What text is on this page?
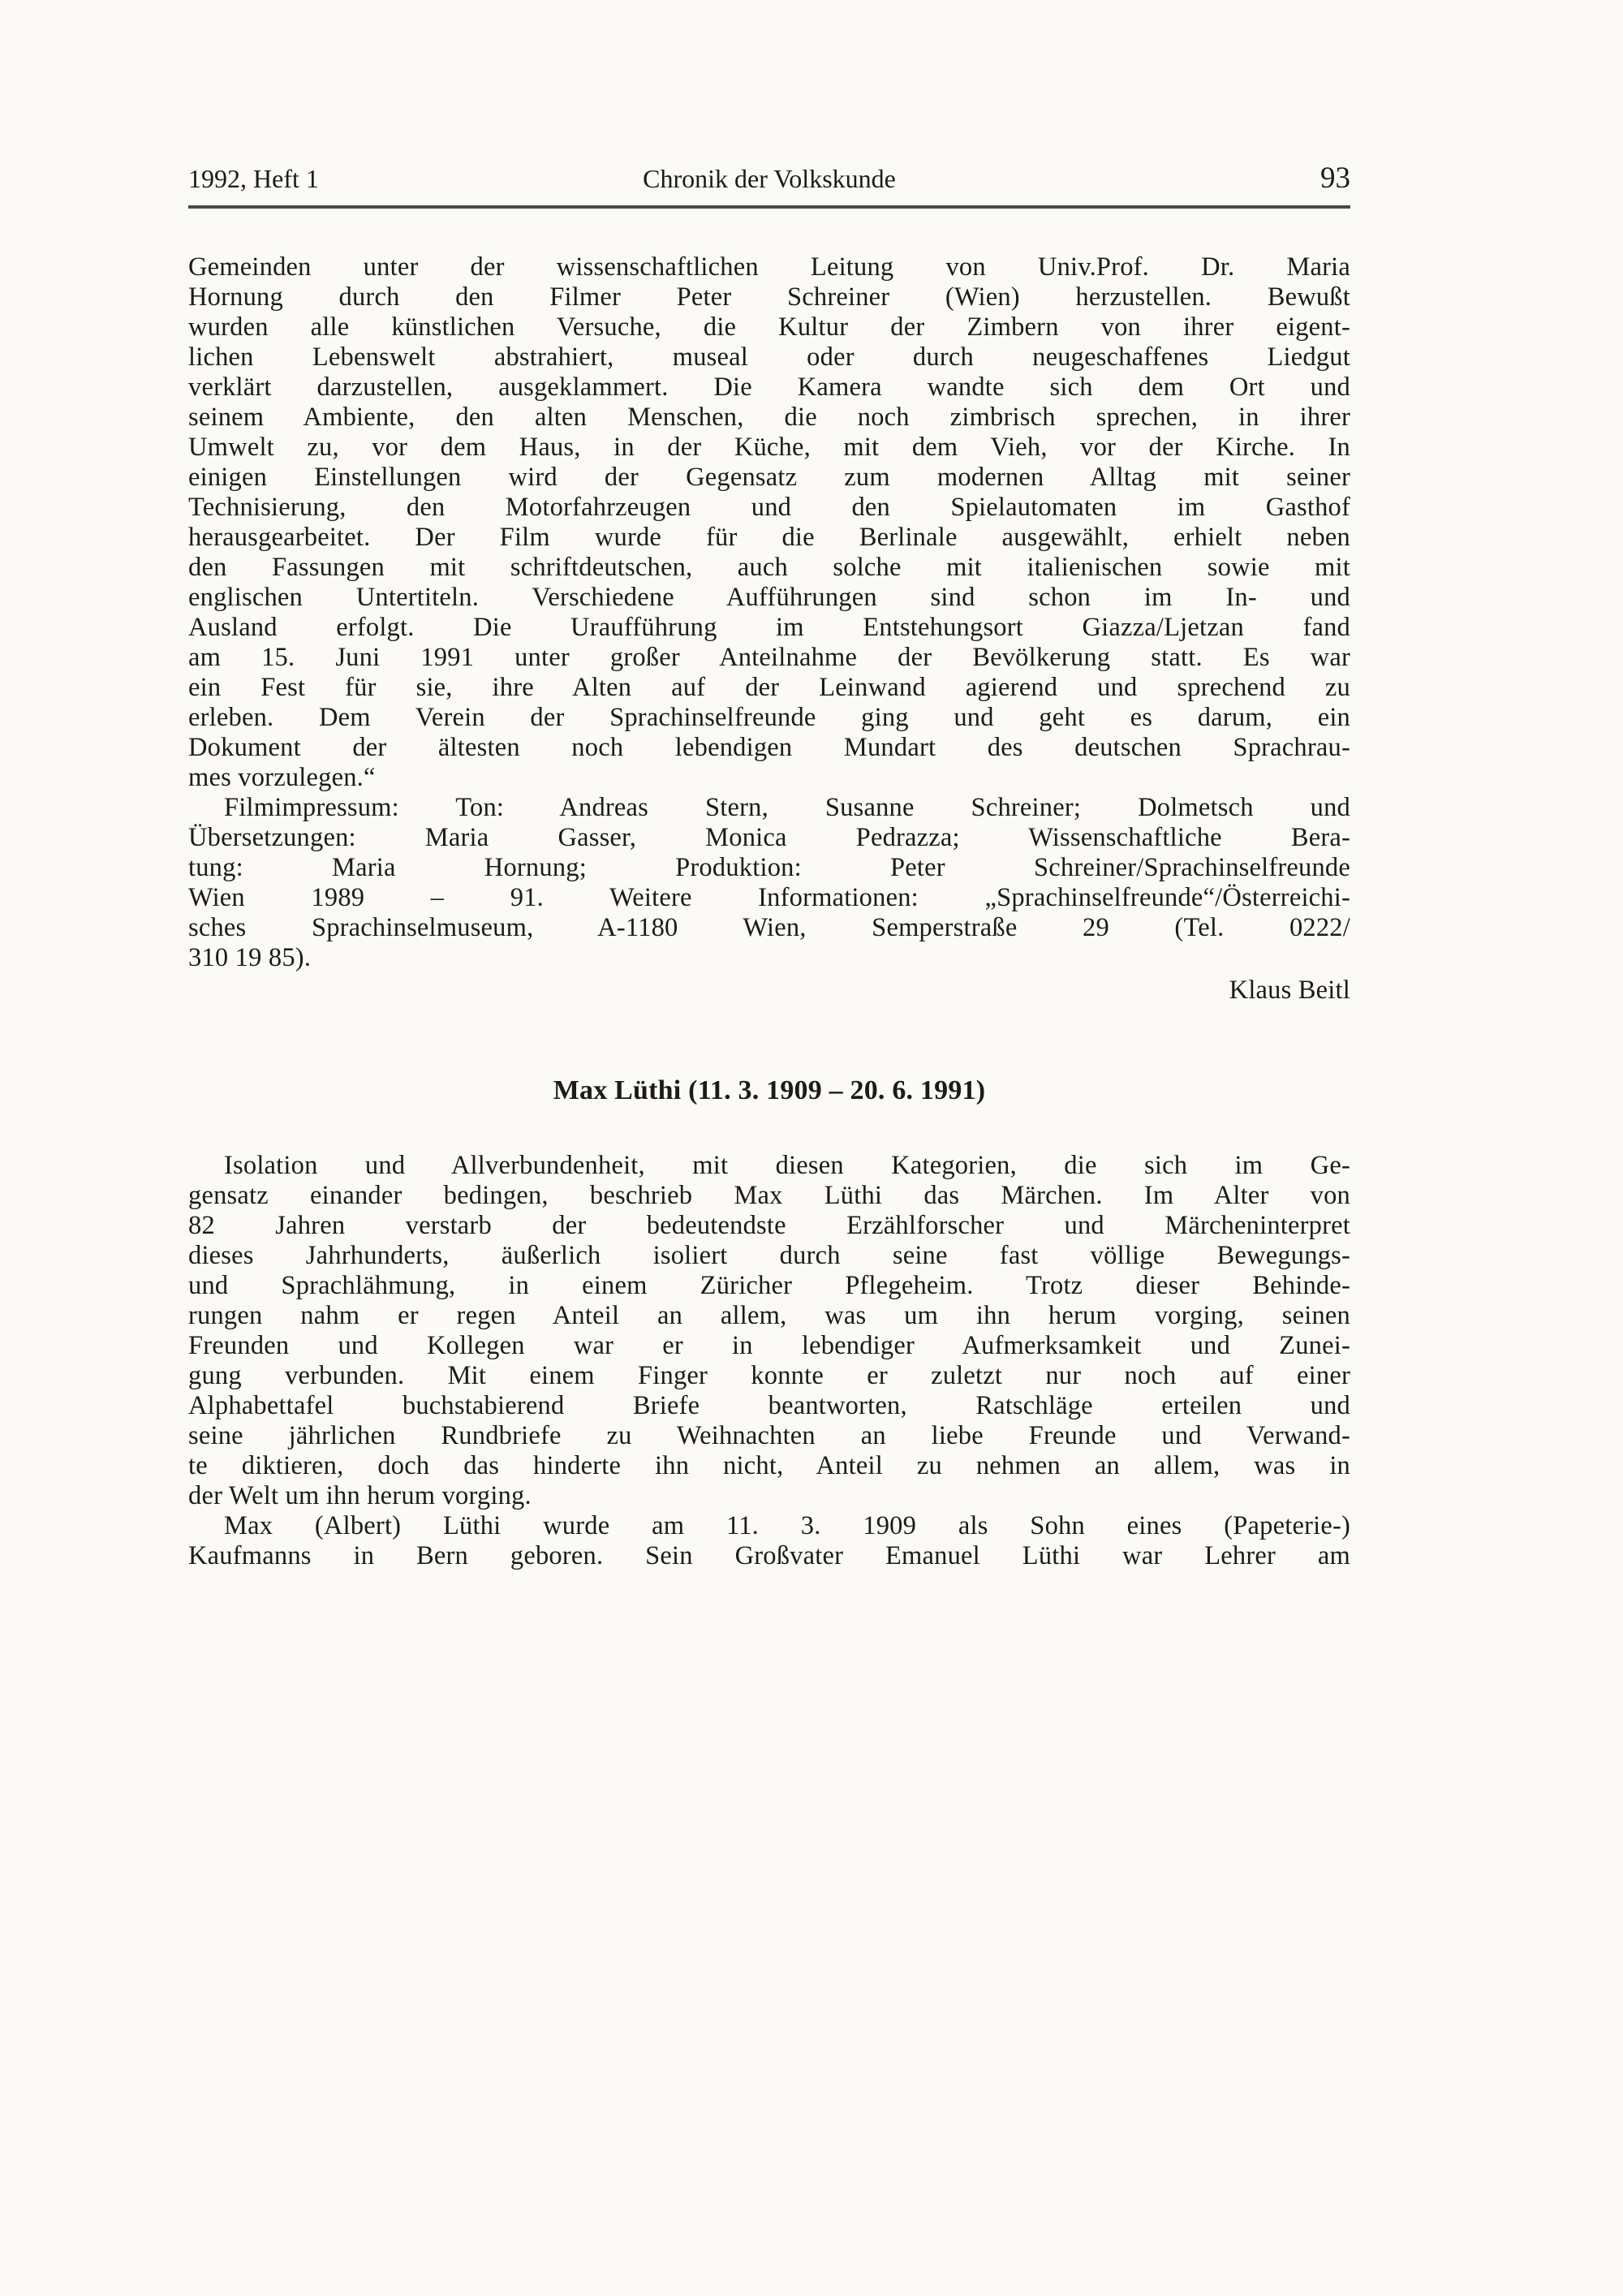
1992, Heft 1	Chronik der Volkskunde	93
Gemeinden unter der wissenschaftlichen Leitung von Univ.Prof. Dr. Maria
Hornung durch den Filmer Peter Schreiner (Wien) herzustellen. Bewußt
wurden alle künstlichen Versuche, die Kultur der Zimbern von ihrer eigent-
lichen Lebenswelt abstrahiert, museal oder durch neugeschaffenes Liedgut
verklärt darzustellen, ausgeklammert. Die Kamera wandte sich dem Ort und
seinem Ambiente, den alten Menschen, die noch zimbrisch sprechen, in ihrer
Umwelt zu, vor dem Haus, in der Küche, mit dem Vieh, vor der Kirche. In
einigen Einstellungen wird der Gegensatz zum modernen Alltag mit seiner
Technisierung, den Motorfahrzeugen und den Spielautomaten im Gasthof
herausgearbeitet. Der Film wurde für die Berlinale ausgewählt, erhielt neben
den Fassungen mit schriftdeutschen, auch solche mit italienischen sowie mit
englischen Untertiteln. Verschiedene Aufführungen sind schon im In- und
Ausland erfolgt. Die Uraufführung im Entstehungsort Giazza/Ljetzan fand
am 15. Juni 1991 unter großer Anteilnahme der Bevölkerung statt. Es war
ein Fest für sie, ihre Alten auf der Leinwand agierend und sprechend zu
erleben. Dem Verein der Sprachinselfreunde ging und geht es darum, ein
Dokument der ältesten noch lebendigen Mundart des deutschen Sprachrau-
mes vorzulegen.“
Filmimpressum: Ton: Andreas Stern, Susanne Schreiner; Dolmetsch und
Übersetzungen: Maria Gasser, Monica Pedrazza; Wissenschaftliche Bera-
tung: Maria Hornung; Produktion: Peter Schreiner/Sprachinselfreunde
Wien 1989 – 91. Weitere Informationen: „Sprachinselfreunde“/Österreichi-
sches Sprachinselmuseum, A-1180 Wien, Semperstraße 29 (Tel. 0222/
310 19 85).
Klaus Beitl
Max Lüthi (11. 3. 1909 – 20. 6. 1991)
Isolation und Allverbundenheit, mit diesen Kategorien, die sich im Ge-
gensatz einander bedingen, beschrieb Max Lüthi das Märchen. Im Alter von
82 Jahren verstarb der bedeutendste Erzählforscher und Märcheninterpret
dieses Jahrhunderts, äußerlich isoliert durch seine fast völlige Bewegungs-
und Sprachlähmung, in einem Züricher Pflegeheim. Trotz dieser Behinde-
rungen nahm er regen Anteil an allem, was um ihn herum vorging, seinen
Freunden und Kollegen war er in lebendiger Aufmerksamkeit und Zunei-
gung verbunden. Mit einem Finger konnte er zuletzt nur noch auf einer
Alphabettafel buchstabierend Briefe beantworten, Ratschläge erteilen und
seine jährlichen Rundbriefe zu Weihnachten an liebe Freunde und Verwand-
te diktieren, doch das hinderte ihn nicht, Anteil zu nehmen an allem, was in
der Welt um ihn herum vorging.
Max (Albert) Lüthi wurde am 11. 3. 1909 als Sohn eines (Papeterie-)
Kaufmanns in Bern geboren. Sein Großvater Emanuel Lüthi war Lehrer am
